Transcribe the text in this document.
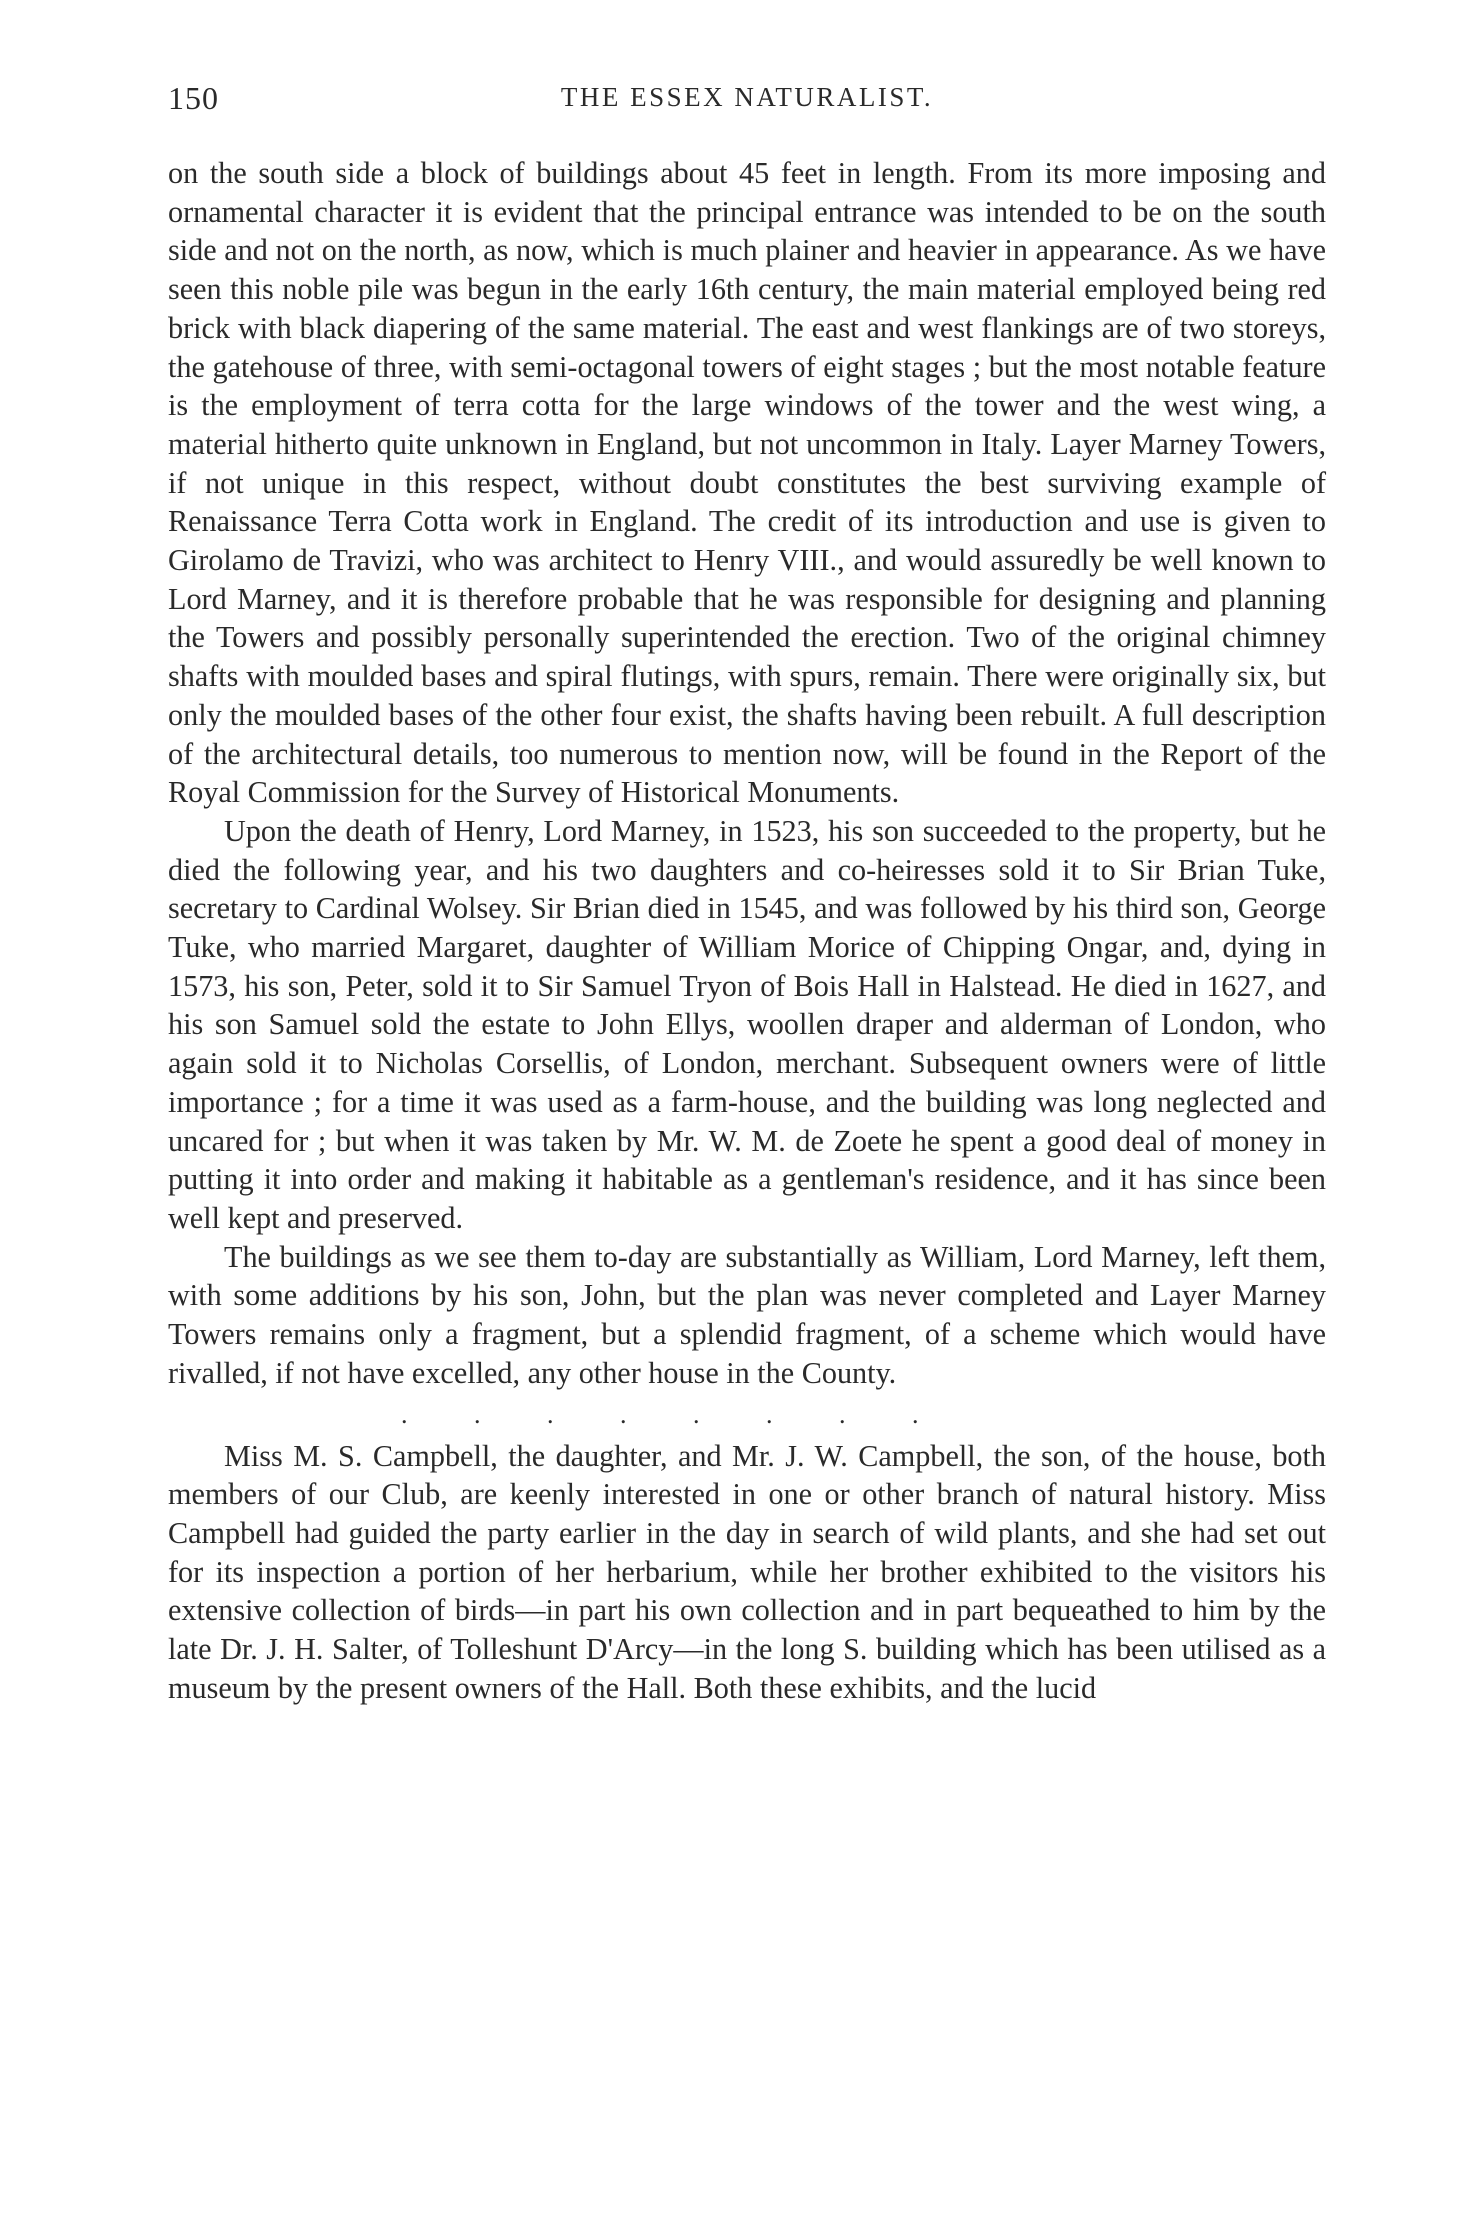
150	THE ESSEX NATURALIST.

on the south side a block of buildings about 45 feet in length. From its more imposing and ornamental character it is evident that the principal entrance was intended to be on the south side and not on the north, as now, which is much plainer and heavier in appearance. As we have seen this noble pile was begun in the early 16th century, the main material employed being red brick with black diapering of the same material. The east and west flankings are of two storeys, the gatehouse of three, with semi-octagonal towers of eight stages ; but the most notable feature is the employment of terra cotta for the large windows of the tower and the west wing, a material hitherto quite unknown in England, but not uncommon in Italy. Layer Marney Towers, if not unique in this respect, without doubt constitutes the best surviving example of Renaissance Terra Cotta work in England. The credit of its introduction and use is given to Girolamo de Travizi, who was architect to Henry VIII., and would assuredly be well known to Lord Marney, and it is therefore probable that he was responsible for designing and planning the Towers and possibly personally superintended the erection. Two of the original chimney shafts with moulded bases and spiral flutings, with spurs, remain. There were originally six, but only the moulded bases of the other four exist, the shafts having been rebuilt. A full description of the architectural details, too numerous to mention now, will be found in the Report of the Royal Commission for the Survey of Historical Monuments.

Upon the death of Henry, Lord Marney, in 1523, his son succeeded to the property, but he died the following year, and his two daughters and co-heiresses sold it to Sir Brian Tuke, secretary to Cardinal Wolsey. Sir Brian died in 1545, and was followed by his third son, George Tuke, who married Margaret, daughter of William Morice of Chipping Ongar, and, dying in 1573, his son, Peter, sold it to Sir Samuel Tryon of Bois Hall in Halstead. He died in 1627, and his son Samuel sold the estate to John Ellys, woollen draper and alderman of London, who again sold it to Nicholas Corsellis, of London, merchant. Subsequent owners were of little importance ; for a time it was used as a farm-house, and the building was long neglected and uncared for ; but when it was taken by Mr. W. M. de Zoete he spent a good deal of money in putting it into order and making it habitable as a gentleman's residence, and it has since been well kept and preserved.

The buildings as we see them to-day are substantially as William, Lord Marney, left them, with some additions by his son, John, but the plan was never completed and Layer Marney Towers remains only a fragment, but a splendid fragment, of a scheme which would have rivalled, if not have excelled, any other house in the County.

.	.	.	.	.	.	.	.

Miss M. S. Campbell, the daughter, and Mr. J. W. Campbell, the son, of the house, both members of our Club, are keenly interested in one or other branch of natural history. Miss Campbell had guided the party earlier in the day in search of wild plants, and she had set out for its inspection a portion of her herbarium, while her brother exhibited to the visitors his extensive collection of birds—in part his own collection and in part bequeathed to him by the late Dr. J. H. Salter, of Tolleshunt D'Arcy—in the long S. building which has been utilised as a museum by the present owners of the Hall. Both these exhibits, and the lucid
